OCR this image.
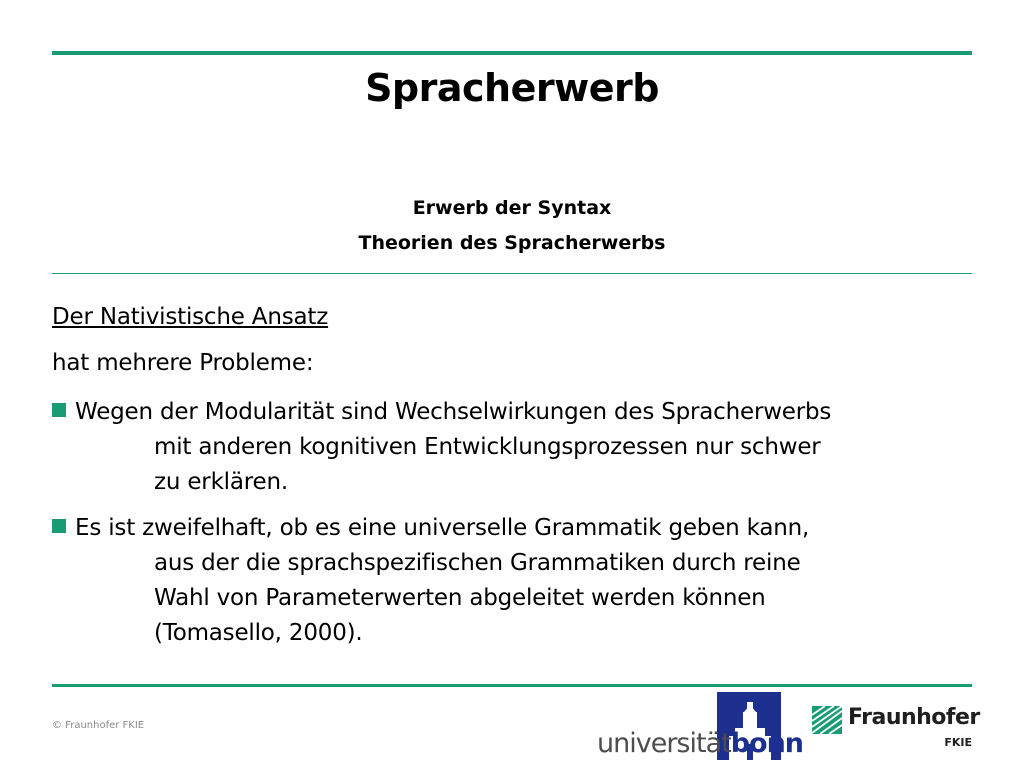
Spracherwerb
Erwerb der Syntax
Theorien des Spracherwerbs
Der Nativistische Ansatz
hat mehrere Probleme:
Wegen der Modularität sind Wechselwirkungen des Spracherwerbs
mit anderen kognitiven Entwicklungsprozessen nur schwer
zu erklären.
Es ist zweifelhaft, ob es eine universelle Grammatik geben kann,
aus der die sprachspezifischen Grammatiken durch reine
Wahl von Parameterwerten abgeleitet werden können
(Tomasello, 2000).
© Fraunhofer FKIE
universitätbonn
Fraunhofer
FKIE
